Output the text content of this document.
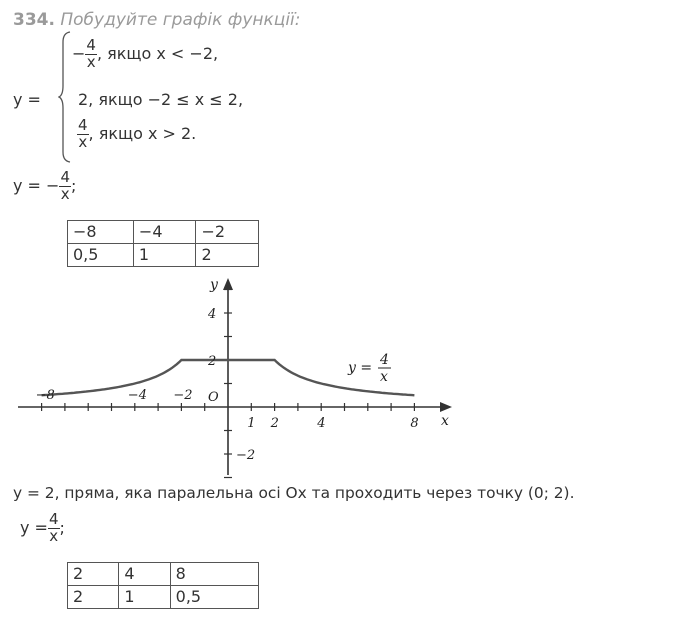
334. Побудуйте графік функції:
y =
− $\frac{4}{x}$ , якщо x < −2,
2, якщо −2 ≤ x ≤ 2,
$\frac{4}{x}$ , якщо x > 2.
y = − $\frac{4}{x}$ ;
−8	−4	−2
0,5	1	2
−8	−4 −2
1 2	4	8
4
2
−2
O
x
y
y = 4
x
y = 2, пряма, яка паралельна осі Ox та проходить через точку (0; 2).
$y = \frac{4}{x}$ ;
2	4	8
2	1	0,5
